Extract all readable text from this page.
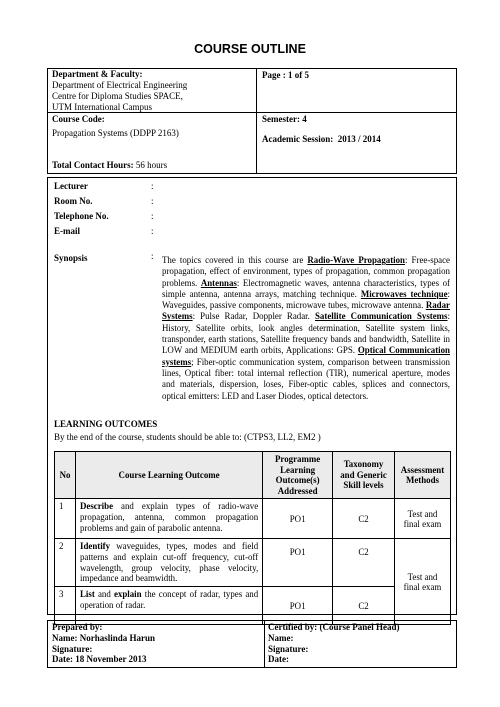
COURSE OUTLINE
Department & Faculty:
Department of Electrical Engineering
Centre for Diploma Studies SPACE,
UTM International Campus
Page : 1 of 5
Course Code:
Propagation Systems (DDPP 2163)
Total Contact Hours: 56 hours
Semester: 4
Academic Session: 2013 / 2014
Lecturer	:
Room No.	:
Telephone No.	:
E-mail	:
Synopsis	: The topics covered in this course are Radio-Wave Propagation: Free-space propagation, effect of environment, types of propagation, common propagation problems. Antennas: Electromagnetic waves, antenna characteristics, types of simple antenna, antenna arrays, matching technique. Microwaves technique: Waveguides, passive components, microwave tubes, microwave antenna. Radar Systems: Pulse Radar, Doppler Radar. Satellite Communication Systems: History, Satellite orbits, look angles determination, Satellite system links, transponder, earth stations, Satellite frequency bands and bandwidth, Satellite in LOW and MEDIUM earth orbits, Applications: GPS. Optical Communication systems; Fiber-optic communication system, comparison between transmission lines, Optical fiber: total internal reflection (TIR), numerical aperture, modes and materials, dispersion, loses, Fiber-optic cables, splices and connectors, optical emitters: LED and Laser Diodes, optical detectors.
LEARNING OUTCOMES
By the end of the course, students should be able to: (CTPS3, LL2, EM2 )
No	Course Learning Outcome	Programme Learning Outcome(s) Addressed	Taxonomy and Generic Skill levels	Assessment Methods
1	Describe and explain types of radio-wave propagation, antenna, common propagation problems and gain of parabolic antenna.	PO1	C2	Test and final exam
2	Identify waveguides, types, modes and field patterns and explain cut-off frequency, cut-off wavelength, group velocity, phase velocity, impedance and beamwidth.	PO1	C2	Test and final exam
3	List and explain the concept of radar, types and operation of radar.	PO1	C2	
Prepared by:
Name: Norhaslinda Harun
Signature:
Date: 18 November 2013
Certified by: (Course Panel Head)
Name:
Signature:
Date:
